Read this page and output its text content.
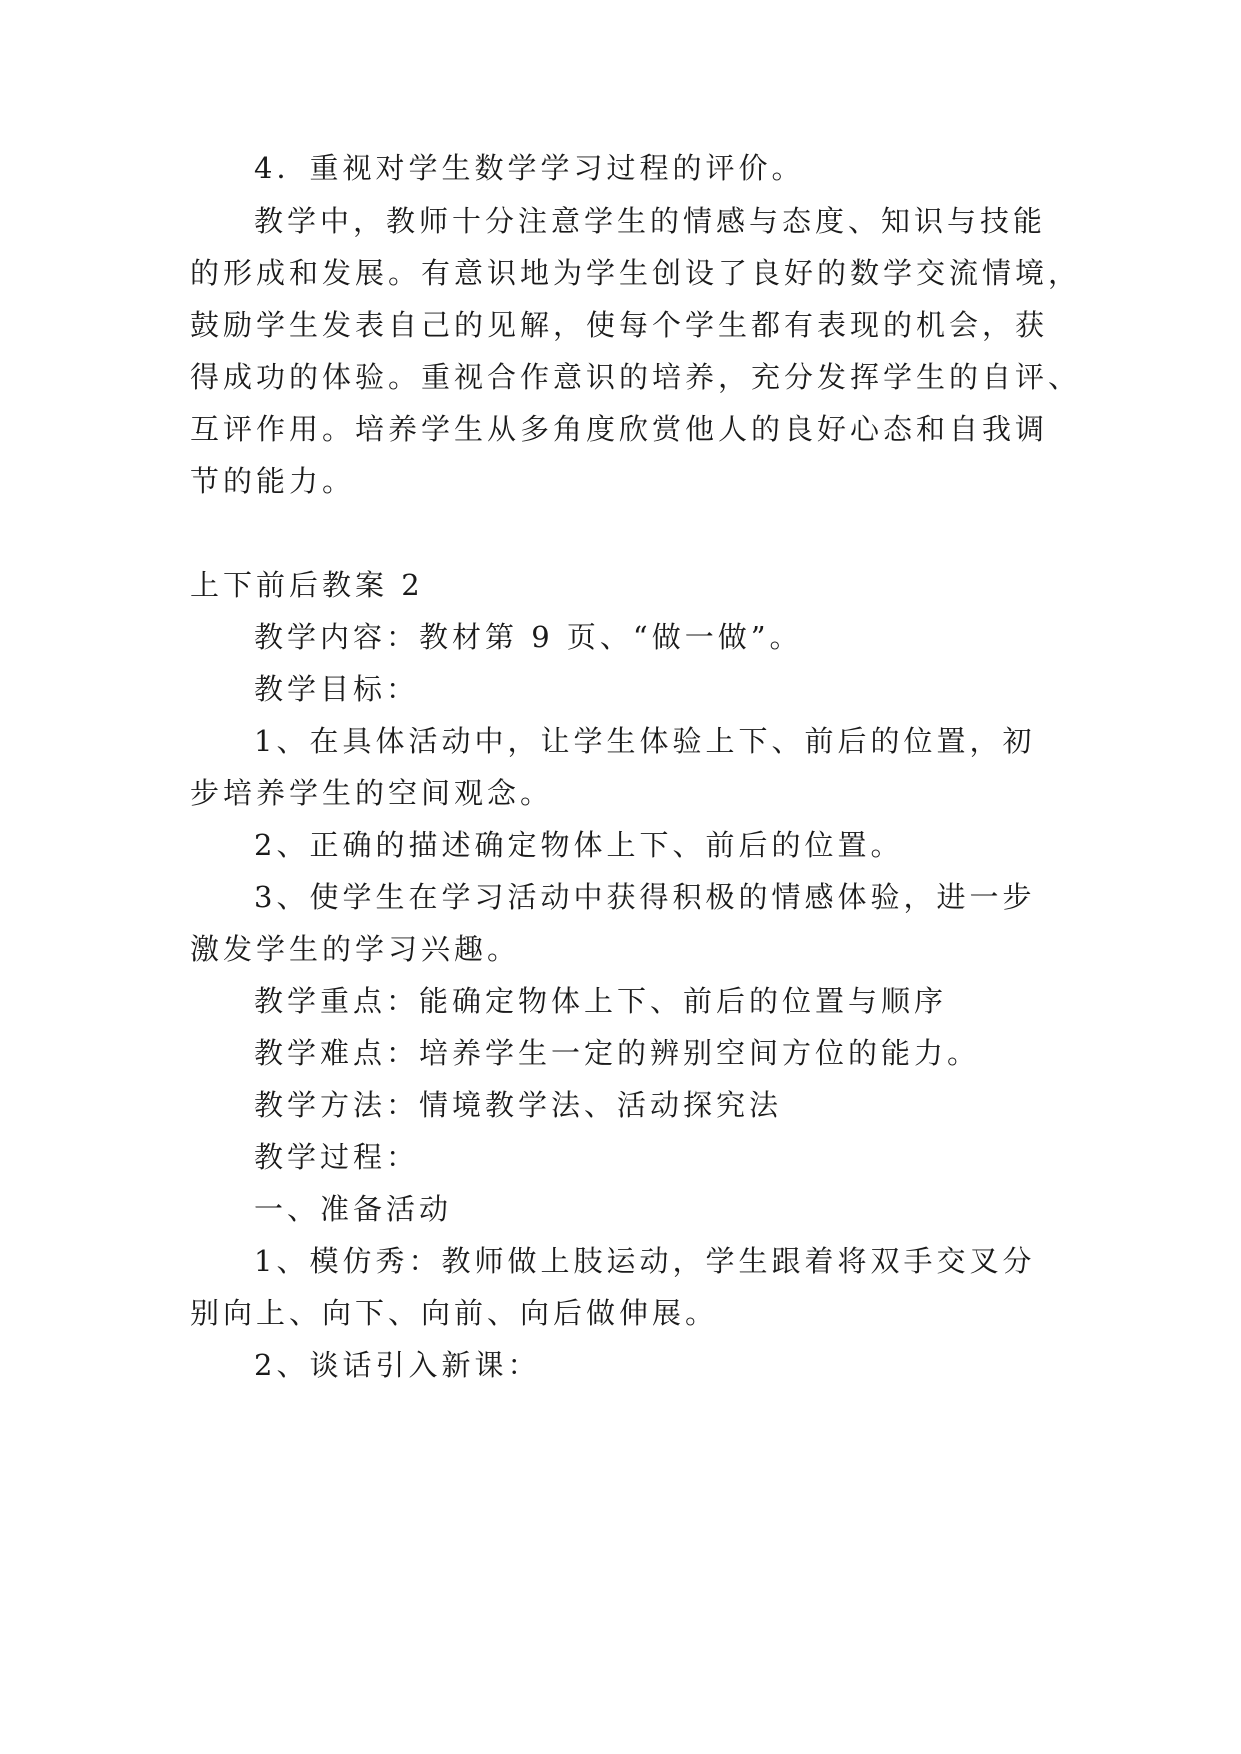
4．重视对学生数学学习过程的评价。
教学中，教师十分注意学生的情感与态度、知识与技能
的形成和发展。有意识地为学生创设了良好的数学交流情境，
鼓励学生发表自己的见解，使每个学生都有表现的机会，获
得成功的体验。重视合作意识的培养，充分发挥学生的自评、
互评作用。培养学生从多角度欣赏他人的良好心态和自我调
节的能力。
上下前后教案 2
教学内容：教材第 9 页、“做一做”。
教学目标：
1、在具体活动中，让学生体验上下、前后的位置，初
步培养学生的空间观念。
2、正确的描述确定物体上下、前后的位置。
3、使学生在学习活动中获得积极的情感体验，进一步
激发学生的学习兴趣。
教学重点：能确定物体上下、前后的位置与顺序
教学难点：培养学生一定的辨别空间方位的能力。
教学方法：情境教学法、活动探究法
教学过程：
一、准备活动
1、模仿秀：教师做上肢运动，学生跟着将双手交叉分
别向上、向下、向前、向后做伸展。
2、谈话引入新课：
